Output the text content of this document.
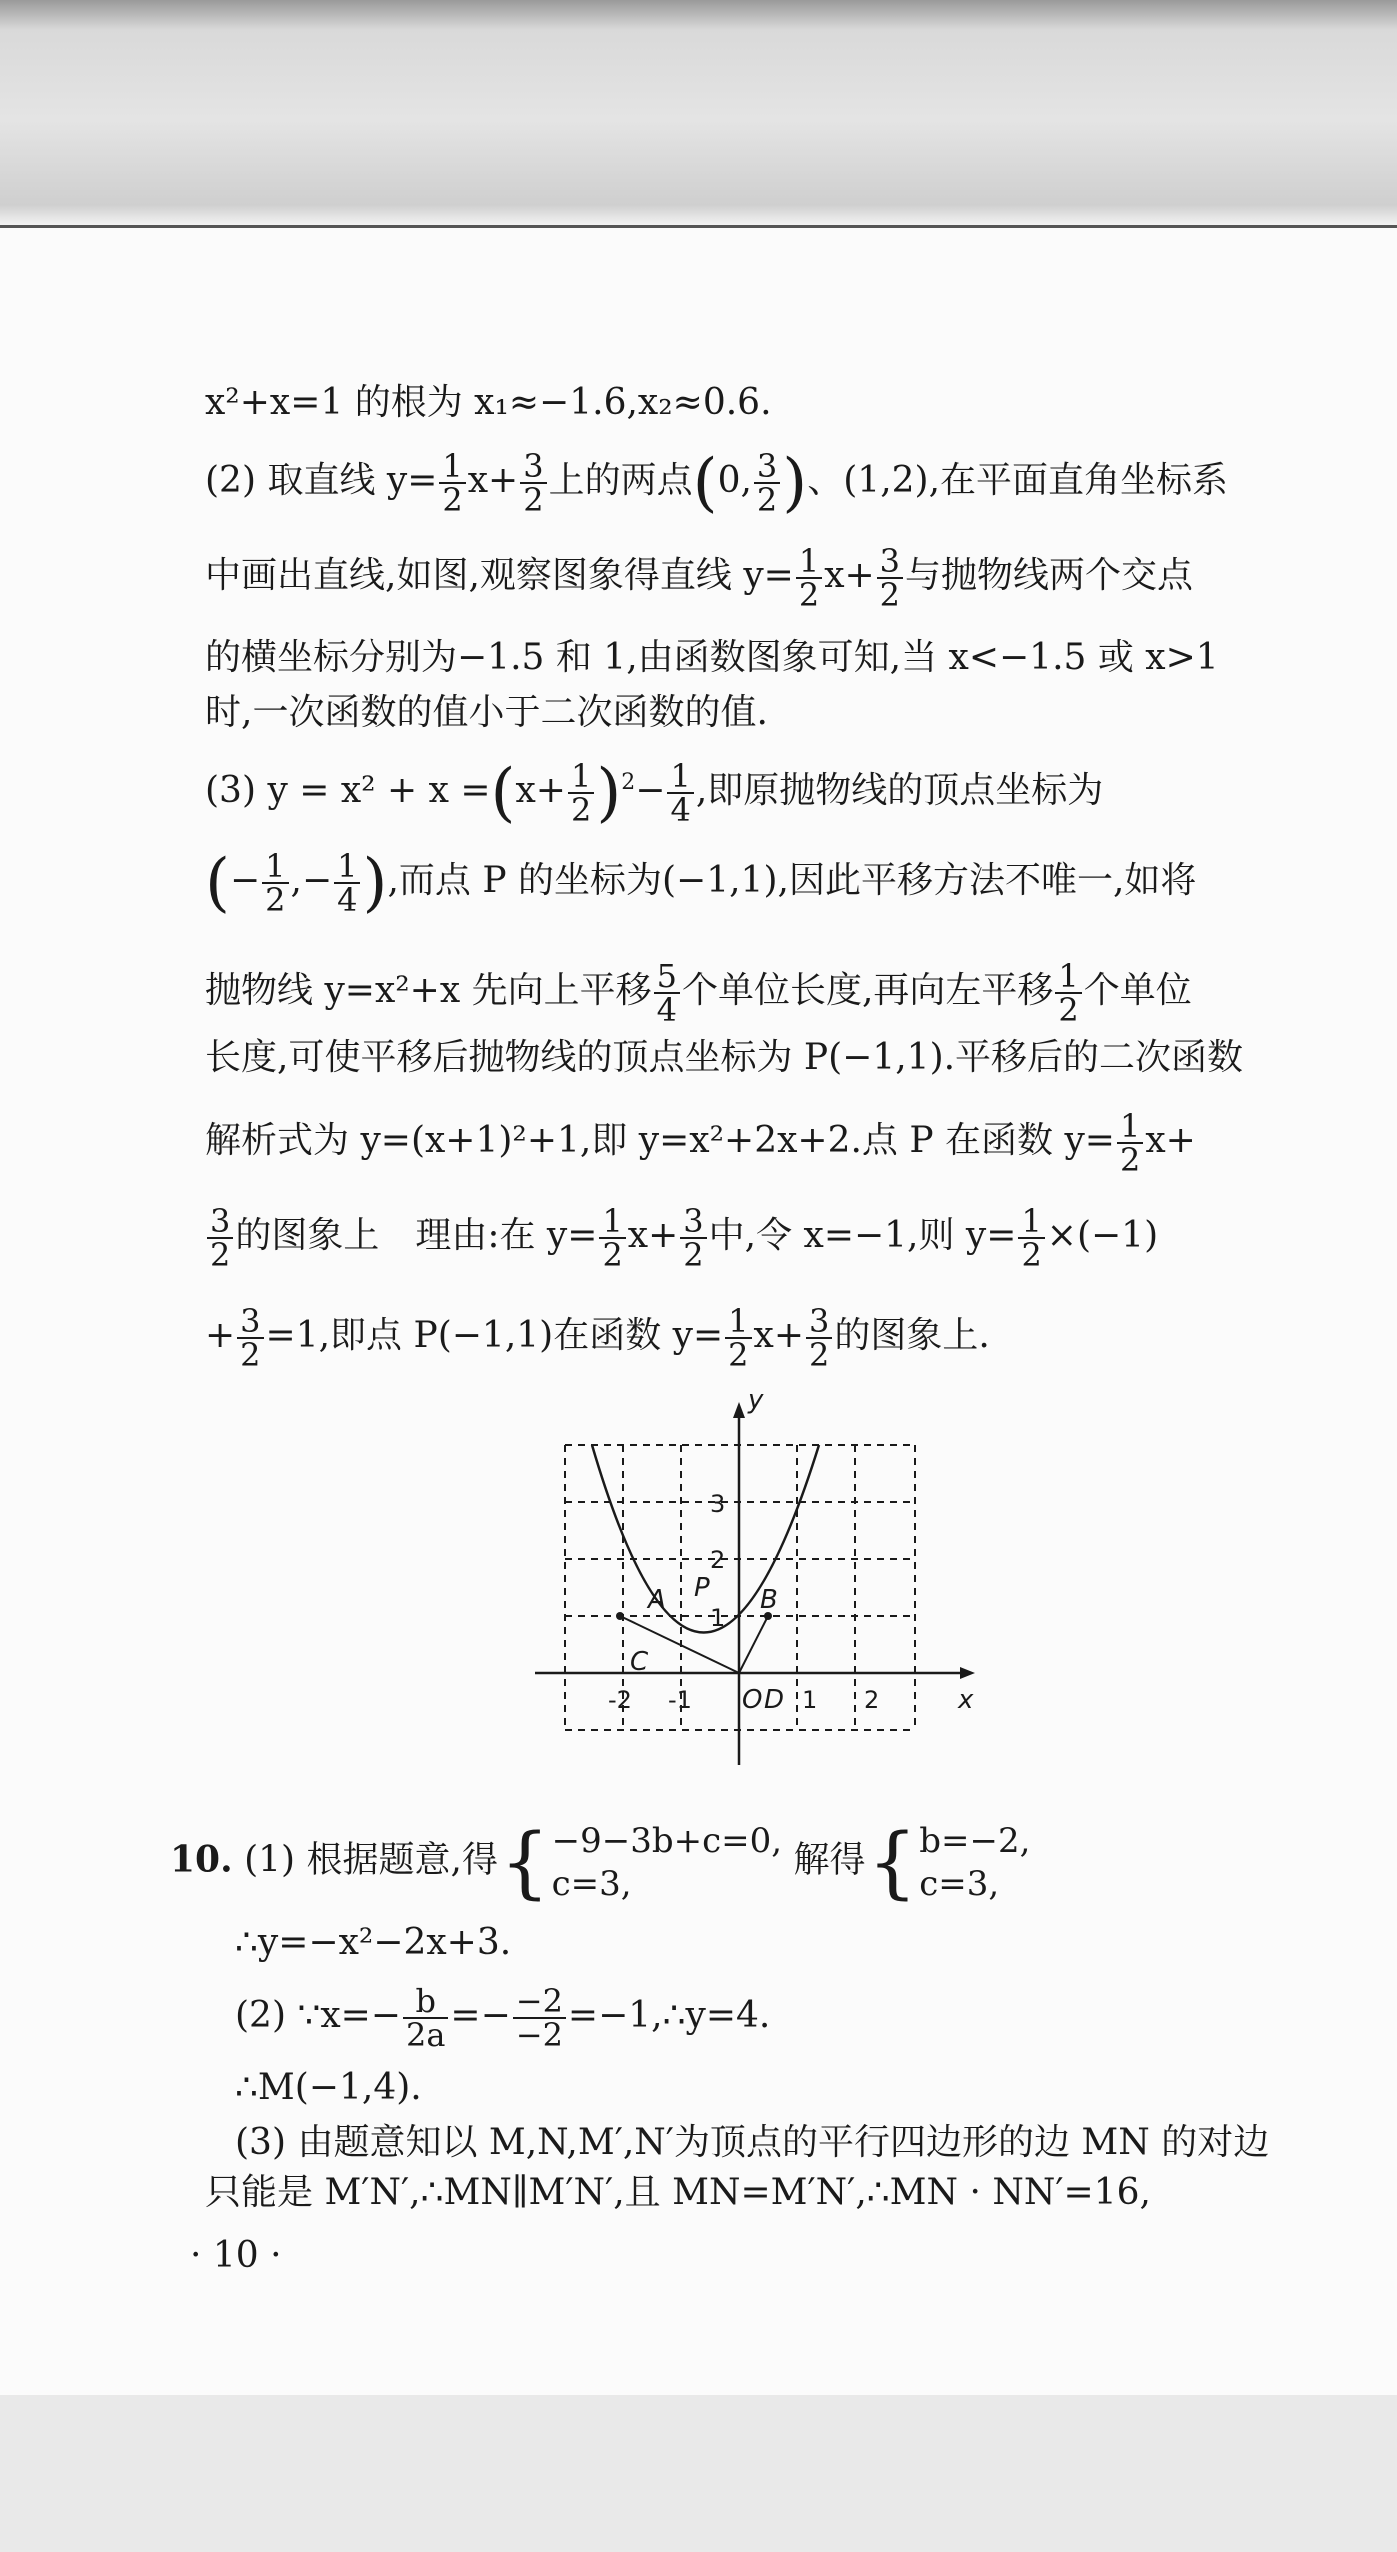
x²+x=1 的根为 x₁≈−1.6,x₂≈0.6.
(2) 取直线 $y= \frac{1}{2} x+ \frac{3}{2}$ 上的两点(0, $\frac{3}{2}$ )、(1,2),在平面直角坐标系
中画出直线,如图,观察图象得直线 $y= \frac{1}{2} x+ \frac{3}{2}$ 与抛物线两个交点
的横坐标分别为−1.5 和 1,由函数图象可知,当 x<−1.5 或 x>1
时,一次函数的值小于二次函数的值.
(3) $y = x^2 + x =(x+ \frac{1}{2} )^2- \frac{1}{4}$ ,即原抛物线的顶点坐标为
(− $\frac{1}{2}$ ,− $\frac{1}{4}$ ),而点 P 的坐标为(−1,1),因此平移方法不唯一,如将
抛物线 y=x²+x 先向上平移 $\frac{5}{4}$ 个单位长度,再向左平移 $\frac{1}{2}$ 个单位
长度,可使平移后抛物线的顶点坐标为 P(−1,1).平移后的二次函数
解析式为 y=(x+1)²+1,即 y=x²+2x+2.点 P 在函数 $y= \frac{1}{2} x+$
$\frac{3}{2}$ 的图象上　理由:在 $y= \frac{1}{2} x+ \frac{3}{2}$ 中,令 x=−1,则 $y= \frac{1}{2} \times(-1)$
+ $\frac{3}{2} =1$,即点 P(−1,1)在函数 $y= \frac{1}{2} x+ \frac{3}{2}$ 的图象上.
y
x
-2 -1 O D 1 2
3
2
1
A	B
P
C
10. (1) 根据题意,得{−9−3b+c=0,
c=3, 解得{b=−2,
c=3,
∴y=−x²−2x+3.
(2) ∵x=− $\frac{b}{2a} =- \frac{-2}{-2}$ =−1,∴y=4.
∴M(−1,4).
(3) 由题意知以 M,N,M′,N′为顶点的平行四边形的边 MN 的对边
只能是 M′N′,∴MN∥M′N′,且 MN=M′N′,∴MN · NN′=16,
· 10 ·
